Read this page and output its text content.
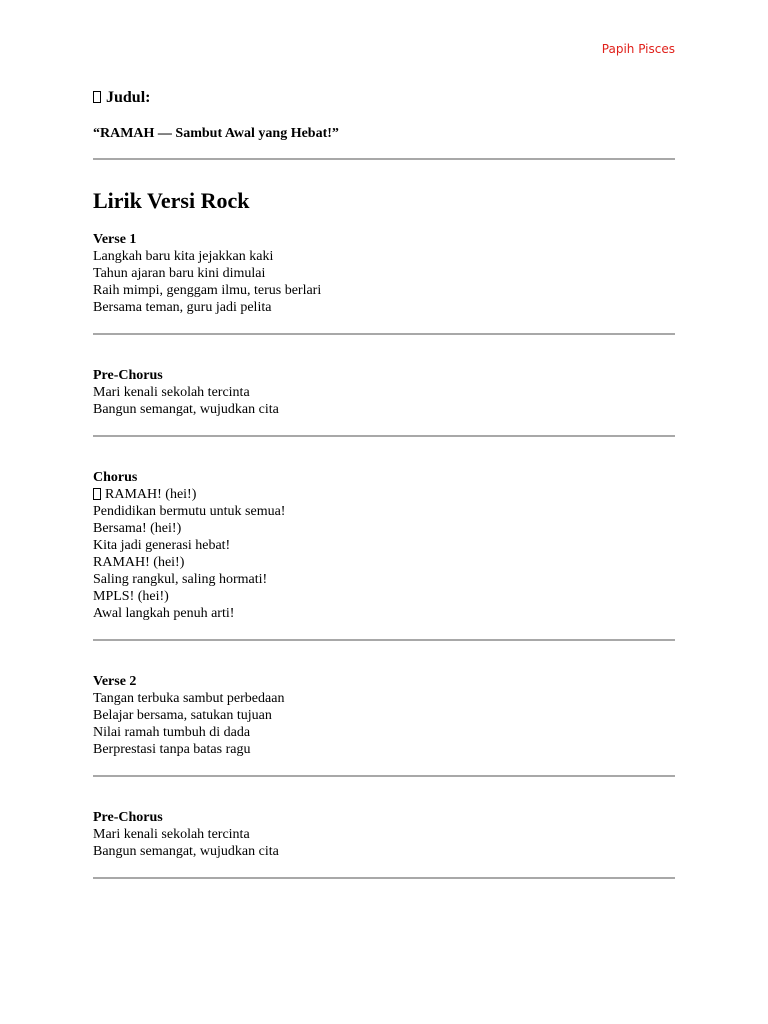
Papih Pisces
Judul:
“RAMAH — Sambut Awal yang Hebat!”
Lirik Versi Rock
Verse 1
Langkah baru kita jejakkan kaki
Tahun ajaran baru kini dimulai
Raih mimpi, genggam ilmu, terus berlari
Bersama teman, guru jadi pelita
Pre-Chorus
Mari kenali sekolah tercinta
Bangun semangat, wujudkan cita
Chorus
RAMAH! (hei!)
Pendidikan bermutu untuk semua!
Bersama! (hei!)
Kita jadi generasi hebat!
RAMAH! (hei!)
Saling rangkul, saling hormati!
MPLS! (hei!)
Awal langkah penuh arti!
Verse 2
Tangan terbuka sambut perbedaan
Belajar bersama, satukan tujuan
Nilai ramah tumbuh di dada
Berprestasi tanpa batas ragu
Pre-Chorus
Mari kenali sekolah tercinta
Bangun semangat, wujudkan cita
